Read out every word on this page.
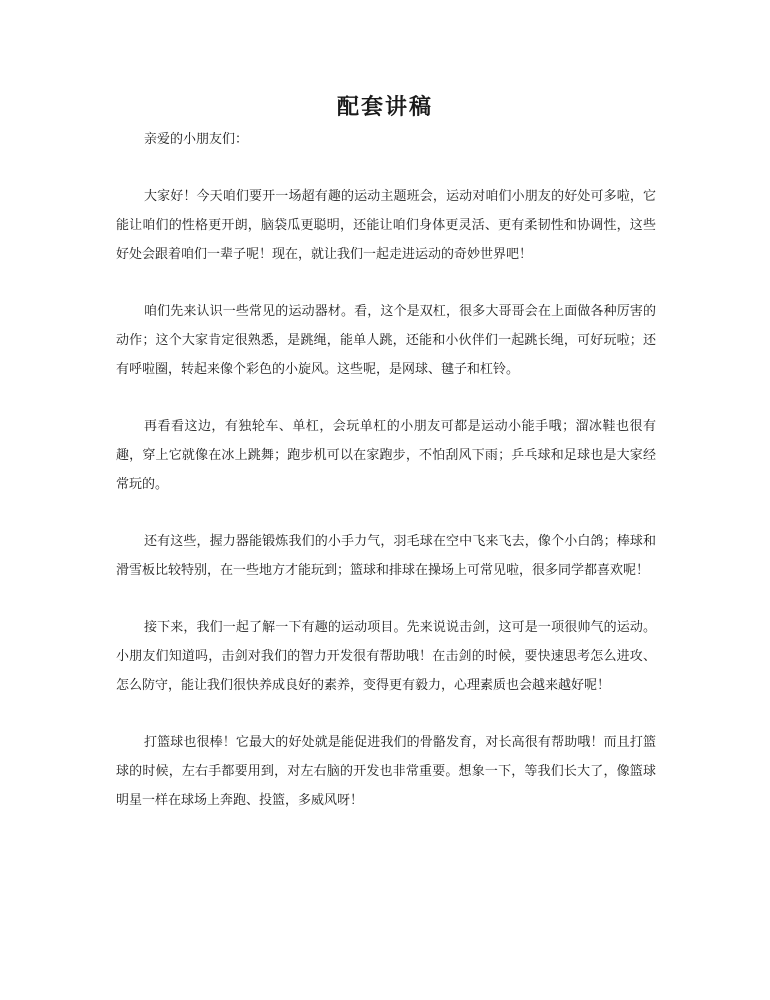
配套讲稿

亲爱的小朋友们：

大家好！今天咱们要开一场超有趣的运动主题班会，运动对咱们小朋友的好处可多啦，它能让咱们的性格更开朗，脑袋瓜更聪明，还能让咱们身体更灵活、更有柔韧性和协调性，这些好处会跟着咱们一辈子呢！现在，就让我们一起走进运动的奇妙世界吧！

咱们先来认识一些常见的运动器材。看，这个是双杠，很多大哥哥会在上面做各种厉害的动作；这个大家肯定很熟悉，是跳绳，能单人跳，还能和小伙伴们一起跳长绳，可好玩啦；还有呼啦圈，转起来像个彩色的小旋风。这些呢，是网球、毽子和杠铃。

再看看这边，有独轮车、单杠，会玩单杠的小朋友可都是运动小能手哦；溜冰鞋也很有趣，穿上它就像在冰上跳舞；跑步机可以在家跑步，不怕刮风下雨；乒乓球和足球也是大家经常玩的。

还有这些，握力器能锻炼我们的小手力气，羽毛球在空中飞来飞去，像个小白鸽；棒球和滑雪板比较特别，在一些地方才能玩到；篮球和排球在操场上可常见啦，很多同学都喜欢呢！

接下来，我们一起了解一下有趣的运动项目。先来说说击剑，这可是一项很帅气的运动。小朋友们知道吗，击剑对我们的智力开发很有帮助哦！在击剑的时候，要快速思考怎么进攻、怎么防守，能让我们很快养成良好的素养，变得更有毅力，心理素质也会越来越好呢！

打篮球也很棒！它最大的好处就是能促进我们的骨骼发育，对长高很有帮助哦！而且打篮球的时候，左右手都要用到，对左右脑的开发也非常重要。想象一下，等我们长大了，像篮球明星一样在球场上奔跑、投篮，多威风呀！
